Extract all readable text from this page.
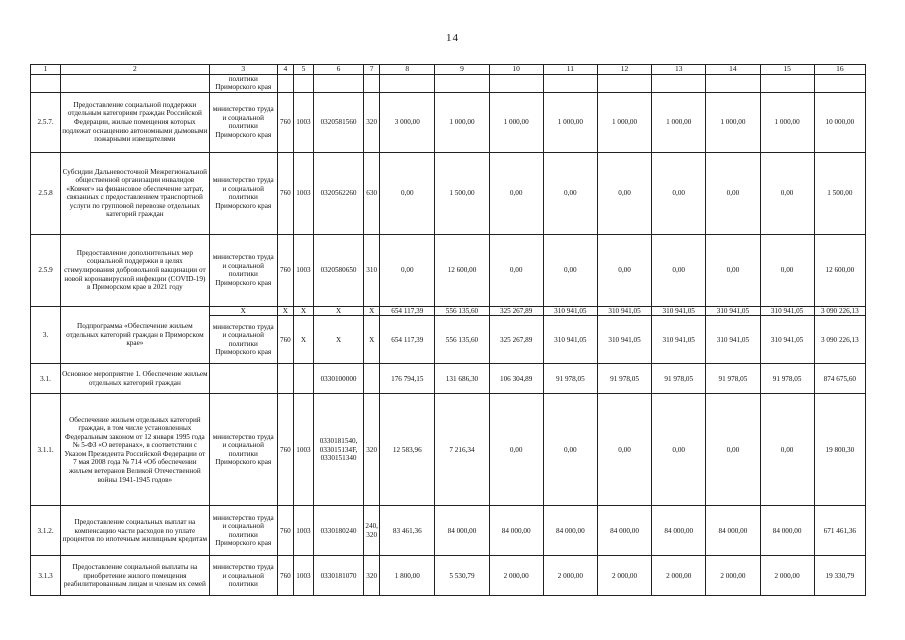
14
1	2	3	4	5	6	7	8	9	10	11	12	13	14	15	16
		политики Приморского края													
2.5.7.	Предоставление социальной поддержки отдельным категориям граждан Российской Федерации, жилые помещения которых подлежат оснащению автономными дымовыми пожарными извещателями	министерство труда и социальной политики Приморского края	760	1003	0320581560	320	3 000,00	1 000,00	1 000,00	1 000,00	1 000,00	1 000,00	1 000,00	1 000,00	10 000,00
2.5.8	Субсидии Дальневосточной Межрегиональной общественной организации инвалидов «Ковчег» на финансовое обеспечение затрат, связанных с предоставлением транспортной услуги по групповой перевозке отдельных категорий граждан	министерство труда и социальной политики Приморского края	760	1003	0320562260	630	0,00	1 500,00	0,00	0,00	0,00	0,00	0,00	0,00	1 500,00
2.5.9	Предоставление дополнительных мер социальной поддержки в целях стимулирования добровольной вакцинации от новой коронавирусной инфекции (COVID-19) в Приморском крае в 2021 году	министерство труда и социальной политики Приморского края	760	1003	0320580650	310	0,00	12 600,00	0,00	0,00	0,00	0,00	0,00	0,00	12 600,00
3.	Подпрограмма «Обеспечение жильем отдельных категорий граждан в Приморском крае»	X	X	X	X	X	654 117,39	556 135,60	325 267,89	310 941,05	310 941,05	310 941,05	310 941,05	310 941,05	3 090 226,13
		министерство труда и социальной политики Приморского края	760	X	X	X	654 117,39	556 135,60	325 267,89	310 941,05	310 941,05	310 941,05	310 941,05	310 941,05	3 090 226,13
3.1.	Основное мероприятие 1. Обеспечение жильем отдельных категорий граждан				0330100000		176 794,15	131 686,30	106 304,89	91 978,05	91 978,05	91 978,05	91 978,05	91 978,05	874 675,60
3.1.1.	Обеспечение жильем отдельных категорий граждан, в том числе установленных Федеральным законом от 12 января 1995 года № 5-ФЗ «О ветеранах», в соответствии с Указом Президента Российской Федерации от 7 мая 2008 года № 714 «Об обеспечении жильем ветеранов Великой Отечественной войны 1941-1945 годов»	министерство труда и социальной политики Приморского края	760	1003	0330181540, 033015134F, 0330151340	320	12 583,96	7 216,34	0,00	0,00	0,00	0,00	0,00	0,00	19 800,30
3.1.2.	Предоставление социальных выплат на компенсацию части расходов по уплате процентов по ипотечным жилищным кредитам	министерство труда и социальной политики Приморского края	760	1003	0330180240	240, 320	83 461,36	84 000,00	84 000,00	84 000,00	84 000,00	84 000,00	84 000,00	84 000,00	671 461,36
3.1.3	Предоставление социальной выплаты на приобретение жилого помещения реабилитированным лицам и членам их семей	министерство труда и социальной политики	760	1003	0330181070	320	1 800,00	5 530,79	2 000,00	2 000,00	2 000,00	2 000,00	2 000,00	2 000,00	19 330,79
